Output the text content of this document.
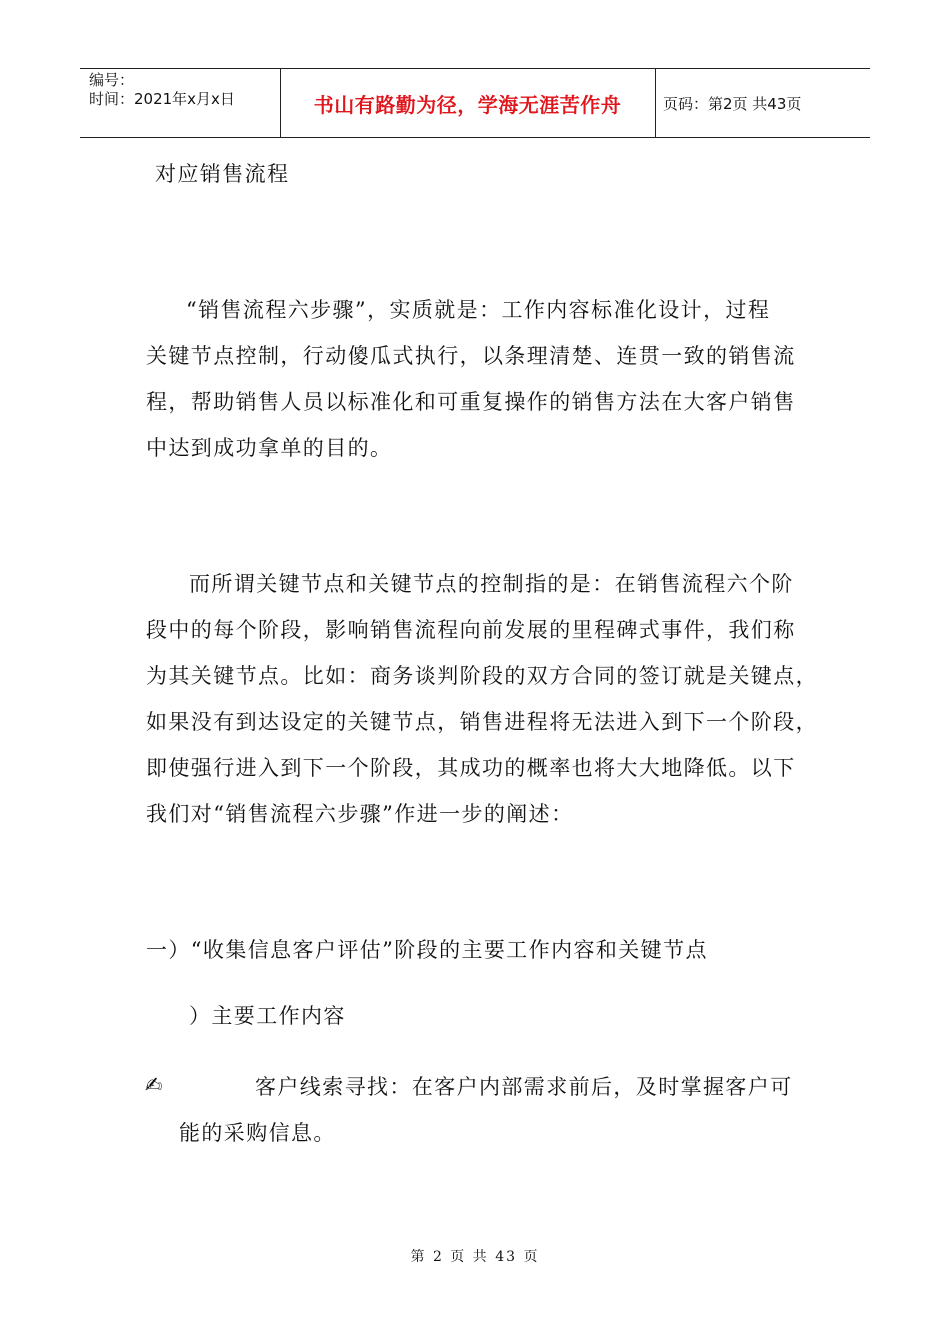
编号：
时间：2021年x月x日	书山有路勤为径，学海无涯苦作舟	页码：第2页 共43页
对应销售流程
“销售流程六步骤”，实质就是：工作内容标准化设计，过程
关键节点控制，行动傻瓜式执行，以条理清楚、连贯一致的销售流
程，帮助销售人员以标准化和可重复操作的销售方法在大客户销售
中达到成功拿单的目的。
而所谓关键节点和关键节点的控制指的是：在销售流程六个阶
段中的每个阶段，影响销售流程向前发展的里程碑式事件，我们称
为其关键节点。比如：商务谈判阶段的双方合同的签订就是关键点，
如果没有到达设定的关键节点，销售进程将无法进入到下一个阶段，
即使强行进入到下一个阶段，其成功的概率也将大大地降低。以下
我们对“销售流程六步骤”作进一步的阐述：
一）“收集信息客户评估”阶段的主要工作内容和关键节点
）主要工作内容
✍	客户线索寻找：在客户内部需求前后，及时掌握客户可
能的采购信息。
第 2 页 共 43 页
